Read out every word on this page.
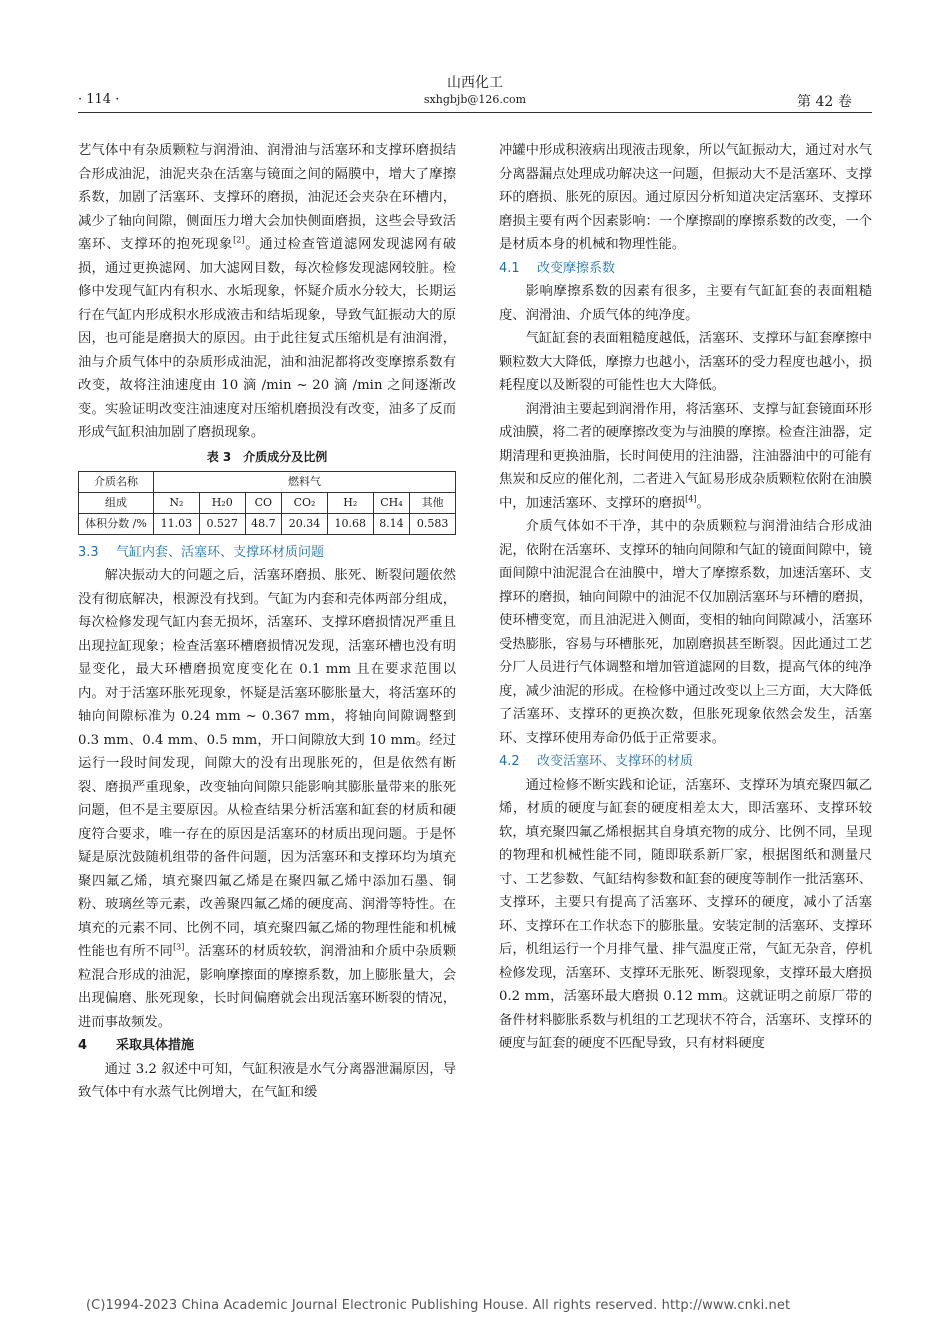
· 114 ·
山西化工
sxhgbjb@126.com	第 42 卷

艺气体中有杂质颗粒与润滑油、润滑油与活塞环和支撑环磨损结合形成油泥，油泥夹杂在活塞与镜面之间的隔膜中，增大了摩擦系数，加剧了活塞环、支撑环的磨损，油泥还会夹杂在环槽内，减少了轴向间隙，侧面压力增大会加快侧面磨损，这些会导致活塞环、支撑环的抱死现象[2]。通过检查管道滤网发现滤网有破损，通过更换滤网、加大滤网目数，每次检修发现滤网较脏。检修中发现气缸内有积水、水垢现象，怀疑介质水分较大，长期运行在气缸内形成积水形成液击和结垢现象，导致气缸振动大的原因，也可能是磨损大的原因。由于此往复式压缩机是有油润滑，油与介质气体中的杂质形成油泥，油和油泥都将改变摩擦系数有改变，故将注油速度由 10 滴 /min ~ 20 滴 /min 之间逐渐改变。实验证明改变注油速度对压缩机磨损没有改变，油多了反而形成气缸积油加剧了磨损现象。

表 3　介质成分及比例
介质名称	燃料气						
组成	N₂	H₂0	CO	CO₂	H₂	CH₄	其他
体积分数 /%	11.03	0.527	48.7	20.34	10.68	8.14	0.583

3.3 气缸内套、活塞环、支撑环材质问题

解决振动大的问题之后，活塞环磨损、胀死、断裂问题依然没有彻底解决，根源没有找到。气缸为内套和壳体两部分组成，每次检修发现气缸内套无损坏，活塞环、支撑环磨损情况严重且出现拉缸现象；检查活塞环槽磨损情况发现，活塞环槽也没有明显变化，最大环槽磨损宽度变化在 0.1 mm 且在要求范围以内。对于活塞环胀死现象，怀疑是活塞环膨胀量大，将活塞环的轴向间隙标准为 0.24 mm ~ 0.367 mm，将轴向间隙调整到 0.3 mm、0.4 mm、0.5 mm，开口间隙放大到 10 mm。经过运行一段时间发现，间隙大的没有出现胀死的，但是依然有断裂、磨损严重现象，改变轴向间隙只能影响其膨胀量带来的胀死问题，但不是主要原因。从检查结果分析活塞和缸套的材质和硬度符合要求，唯一存在的原因是活塞环的材质出现问题。于是怀疑是原沈鼓随机组带的备件问题，因为活塞环和支撑环均为填充聚四氟乙烯，填充聚四氟乙烯是在聚四氟乙烯中添加石墨、铜粉、玻璃丝等元素，改善聚四氟乙烯的硬度高、润滑等特性。在填充的元素不同、比例不同，填充聚四氟乙烯的物理性能和机械性能也有所不同[3]。活塞环的材质较软，润滑油和介质中杂质颗粒混合形成的油泥，影响摩擦面的摩擦系数，加上膨胀量大，会出现偏磨、胀死现象，长时间偏磨就会出现活塞环断裂的情况，进而事故频发。

4 采取具体措施

通过 3.2 叙述中可知，气缸积液是水气分离器泄漏原因，导致气体中有水蒸气比例增大，在气缸和缓

冲罐中形成积液病出现液击现象，所以气缸振动大，通过对水气分离器漏点处理成功解决这一问题，但振动大不是活塞环、支撑环的磨损、胀死的原因。通过原因分析知道决定活塞环、支撑环磨损主要有两个因素影响：一个摩擦副的摩擦系数的改变，一个是材质本身的机械和物理性能。

4.1 改变摩擦系数

影响摩擦系数的因素有很多，主要有气缸缸套的表面粗糙度、润滑油、介质气体的纯净度。

气缸缸套的表面粗糙度越低，活塞环、支撑环与缸套摩擦中颗粒数大大降低，摩擦力也越小，活塞环的受力程度也越小，损耗程度以及断裂的可能性也大大降低。

润滑油主要起到润滑作用，将活塞环、支撑与缸套镜面环形成油膜，将二者的硬摩擦改变为与油膜的摩擦。检查注油器，定期清理和更换油脂，长时间使用的注油器，注油器油中的可能有焦炭和反应的催化剂，二者进入气缸易形成杂质颗粒依附在油膜中，加速活塞环、支撑环的磨损[4]。

介质气体如不干净，其中的杂质颗粒与润滑油结合形成油泥，依附在活塞环、支撑环的轴向间隙和气缸的镜面间隙中，镜面间隙中油泥混合在油膜中，增大了摩擦系数，加速活塞环、支撑环的磨损，轴向间隙中的油泥不仅加剧活塞环与环槽的磨损，使环槽变宽，而且油泥进入侧面，变相的轴向间隙减小，活塞环受热膨胀，容易与环槽胀死，加剧磨损甚至断裂。因此通过工艺分厂人员进行气体调整和增加管道滤网的目数，提高气体的纯净度，减少油泥的形成。在检修中通过改变以上三方面，大大降低了活塞环、支撑环的更换次数，但胀死现象依然会发生，活塞环、支撑环使用寿命仍低于正常要求。

4.2 改变活塞环、支撑环的材质

通过检修不断实践和论证，活塞环、支撑环为填充聚四氟乙烯，材质的硬度与缸套的硬度相差太大，即活塞环、支撑环较软，填充聚四氟乙烯根据其自身填充物的成分、比例不同，呈现的物理和机械性能不同，随即联系新厂家，根据图纸和测量尺寸、工艺参数、气缸结构参数和缸套的硬度等制作一批活塞环、支撑环，主要只有提高了活塞环、支撑环的硬度，减小了活塞环、支撑环在工作状态下的膨胀量。安装定制的活塞环、支撑环后，机组运行一个月排气量、排气温度正常，气缸无杂音，停机检修发现，活塞环、支撑环无胀死、断裂现象，支撑环最大磨损 0.2 mm，活塞环最大磨损 0.12 mm。这就证明之前原厂带的备件材料膨胀系数与机组的工艺现状不符合，活塞环、支撑环的硬度与缸套的硬度不匹配导致，只有材料硬度

(C)1994-2023 China Academic Journal Electronic Publishing House. All rights reserved. http://www.cnki.net
